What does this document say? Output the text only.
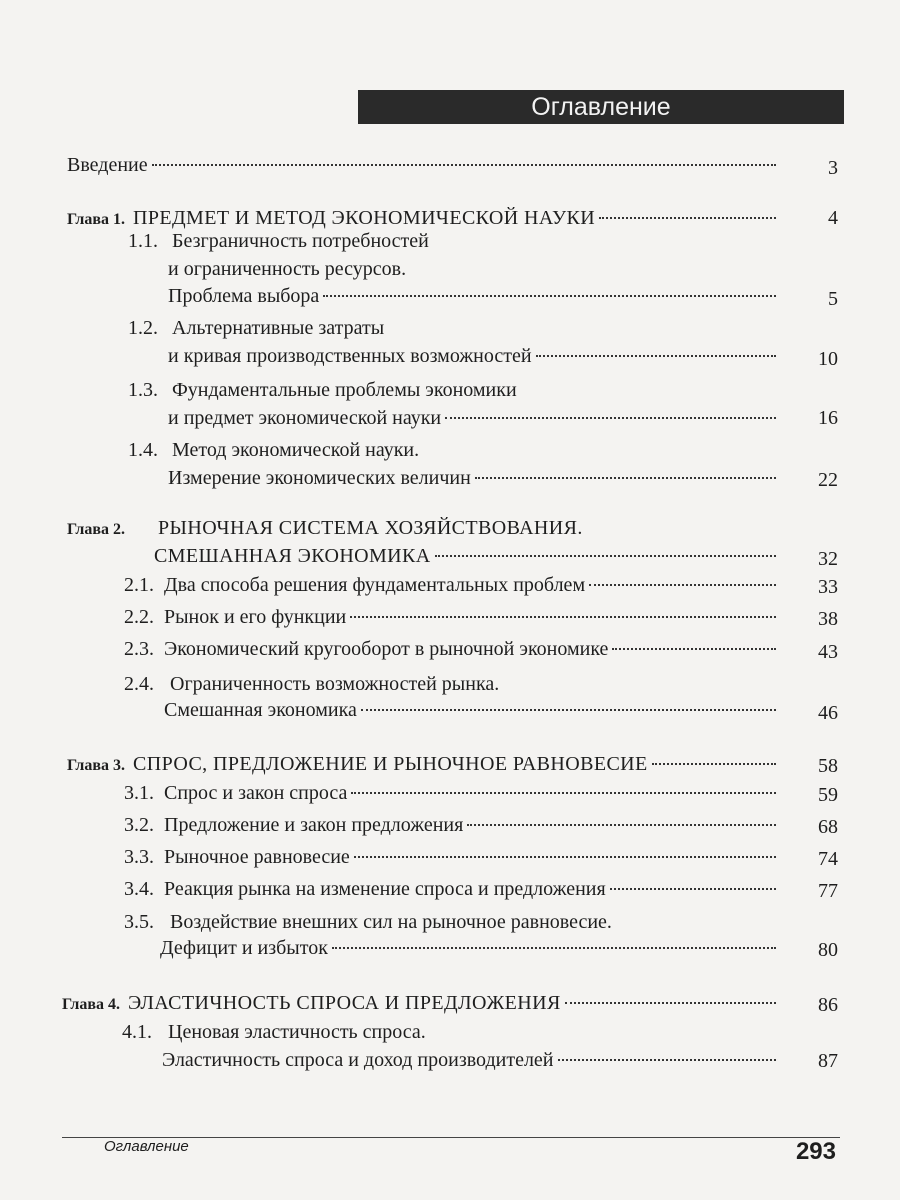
Оглавление
Введение	3
Глава 1. ПРЕДМЕТ И МЕТОД ЭКОНОМИЧЕСКОЙ НАУКИ	4
1.1. Безграничность потребностей
и ограниченность ресурсов.
Проблема выбора	5
1.2. Альтернативные затраты
и кривая производственных возможностей	10
1.3. Фундаментальные проблемы экономики
и предмет экономической науки	16
1.4. Метод экономической науки.
Измерение экономических величин	22
Глава 2. РЫНОЧНАЯ СИСТЕМА ХОЗЯЙСТВОВАНИЯ.
СМЕШАННАЯ ЭКОНОМИКА	32
2.1. Два способа решения фундаментальных проблем	33
2.2. Рынок и его функции	38
2.3. Экономический кругооборот в рыночной экономике	43
2.4. Ограниченность возможностей рынка.
Смешанная экономика	46
Глава 3. СПРОС, ПРЕДЛОЖЕНИЕ И РЫНОЧНОЕ РАВНОВЕСИЕ	58
3.1. Спрос и закон спроса	59
3.2. Предложение и закон предложения	68
3.3. Рыночное равновесие	74
3.4. Реакция рынка на изменение спроса и предложения	77
3.5. Воздействие внешних сил на рыночное равновесие.
Дефицит и избыток	80
Глава 4. ЭЛАСТИЧНОСТЬ СПРОСА И ПРЕДЛОЖЕНИЯ	86
4.1. Ценовая эластичность спроса.
Эластичность спроса и доход производителей	87
Оглавление	293
